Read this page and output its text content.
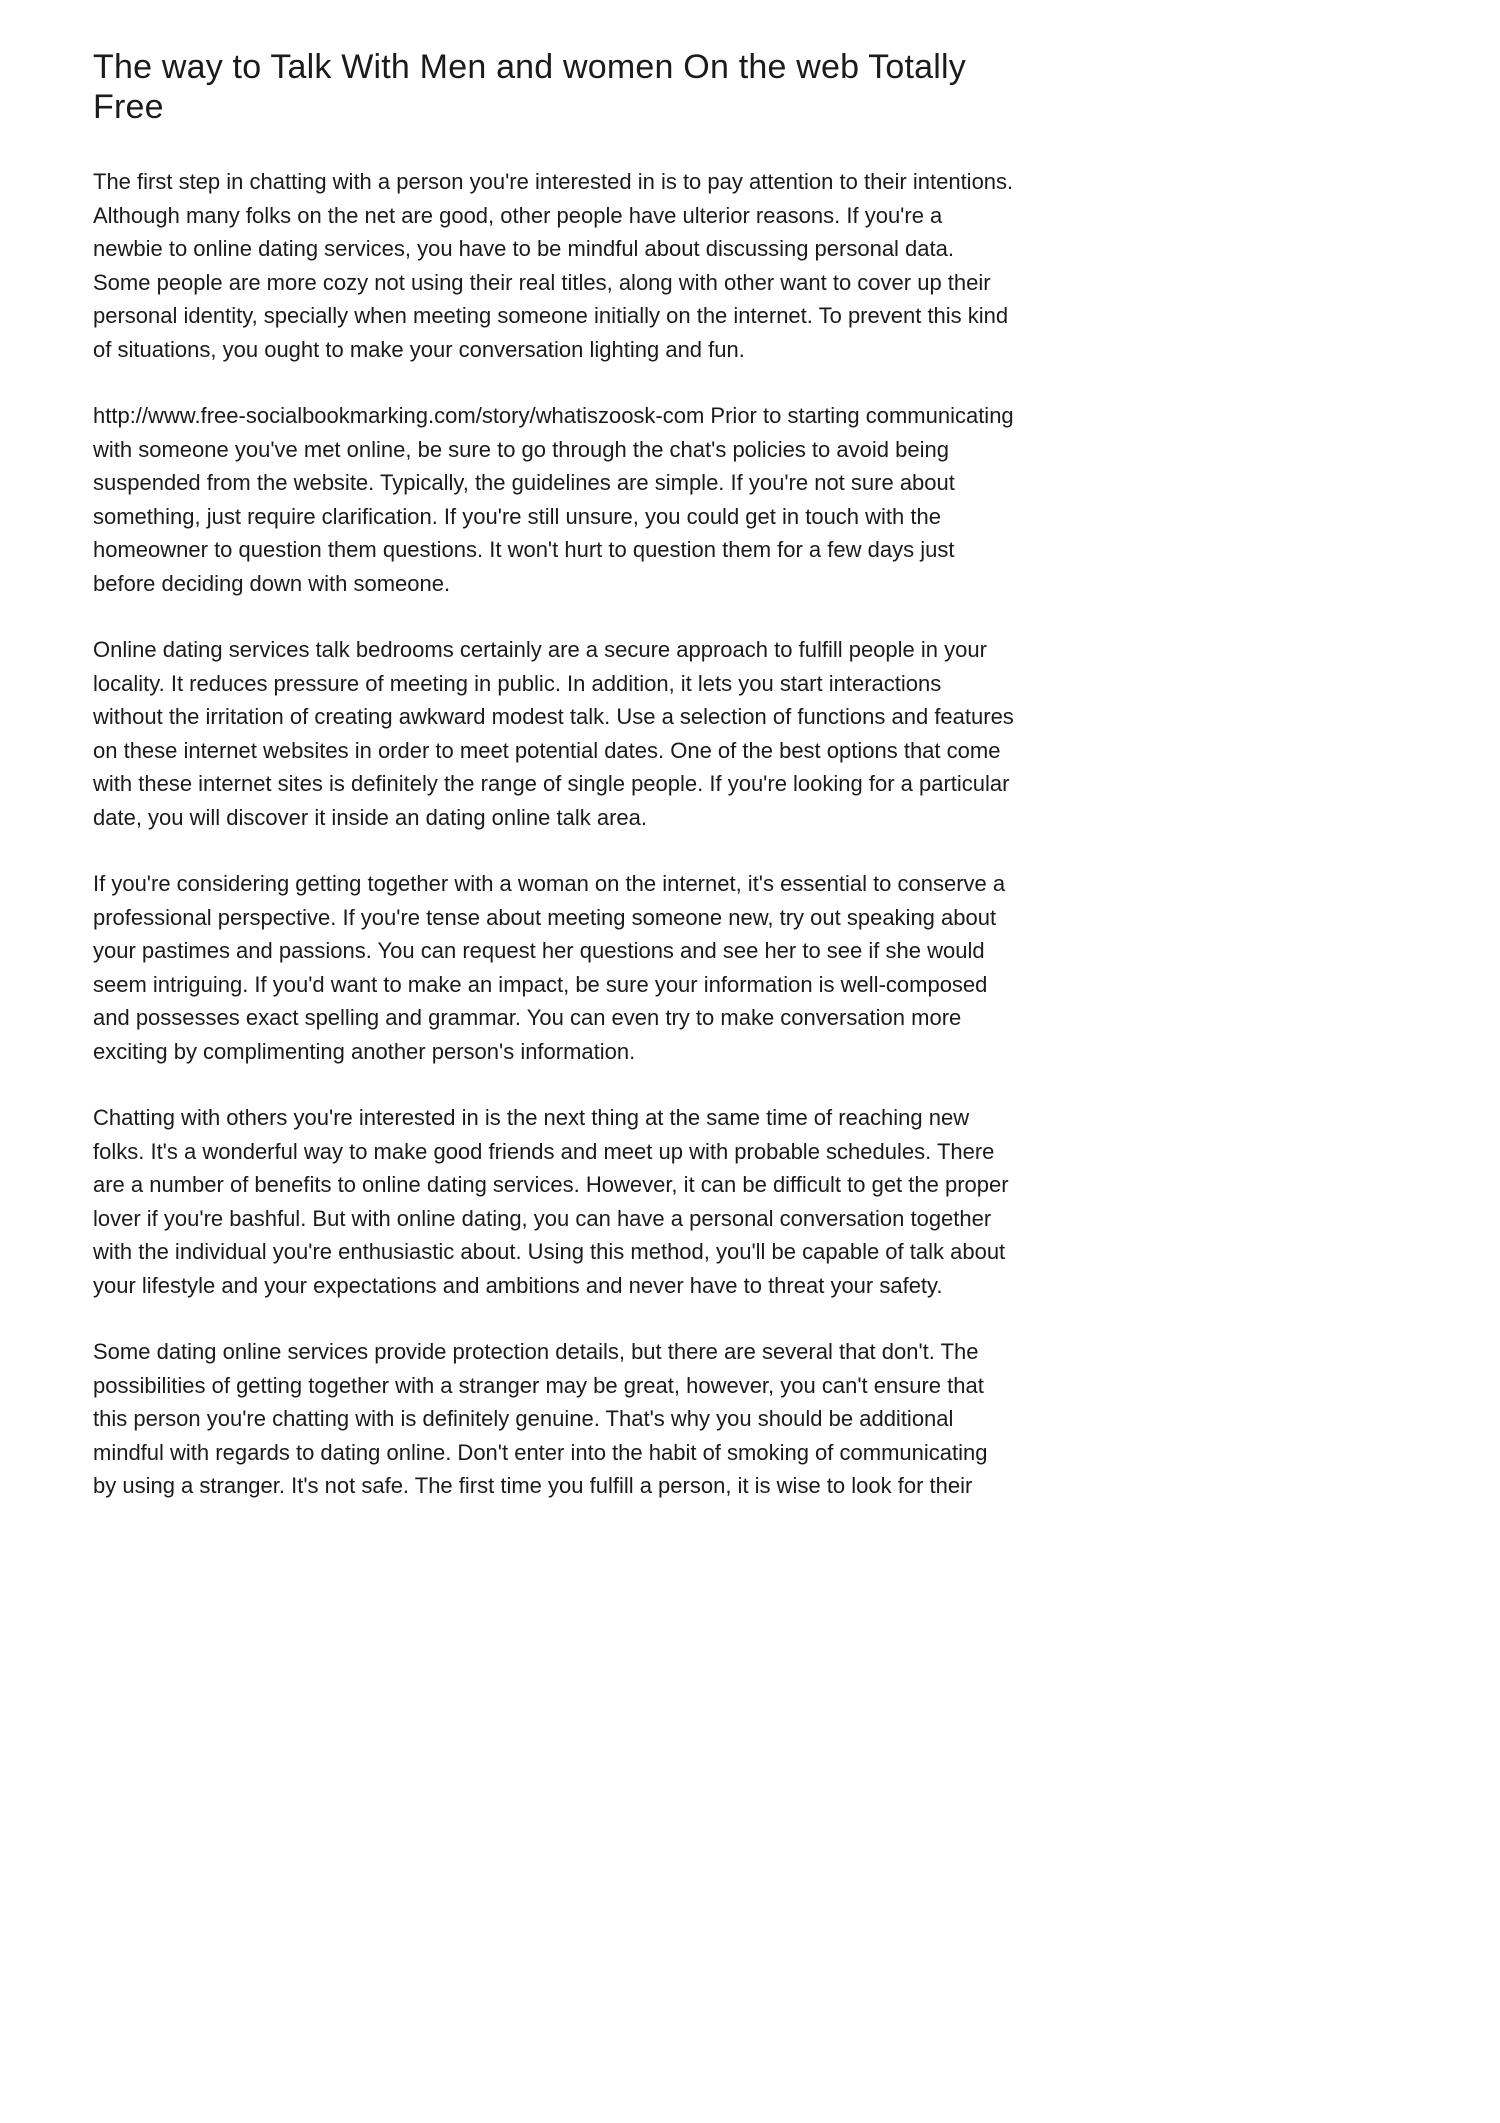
The way to Talk With Men and women On the web Totally Free

The first step in chatting with a person you're interested in is to pay attention to their intentions. Although many folks on the net are good, other people have ulterior reasons. If you're a newbie to online dating services, you have to be mindful about discussing personal data. Some people are more cozy not using their real titles, along with other want to cover up their personal identity, specially when meeting someone initially on the internet. To prevent this kind of situations, you ought to make your conversation lighting and fun.

http://www.free-socialbookmarking.com/story/whatiszoosk-com Prior to starting communicating with someone you've met online, be sure to go through the chat's policies to avoid being suspended from the website. Typically, the guidelines are simple. If you're not sure about something, just require clarification. If you're still unsure, you could get in touch with the homeowner to question them questions. It won't hurt to question them for a few days just before deciding down with someone.

Online dating services talk bedrooms certainly are a secure approach to fulfill people in your locality. It reduces pressure of meeting in public. In addition, it lets you start interactions without the irritation of creating awkward modest talk. Use a selection of functions and features on these internet websites in order to meet potential dates. One of the best options that come with these internet sites is definitely the range of single people. If you're looking for a particular date, you will discover it inside an dating online talk area.

If you're considering getting together with a woman on the internet, it's essential to conserve a professional perspective. If you're tense about meeting someone new, try out speaking about your pastimes and passions. You can request her questions and see her to see if she would seem intriguing. If you'd want to make an impact, be sure your information is well-composed and possesses exact spelling and grammar. You can even try to make conversation more exciting by complimenting another person's information.

Chatting with others you're interested in is the next thing at the same time of reaching new folks. It's a wonderful way to make good friends and meet up with probable schedules. There are a number of benefits to online dating services. However, it can be difficult to get the proper lover if you're bashful. But with online dating, you can have a personal conversation together with the individual you're enthusiastic about. Using this method, you'll be capable of talk about your lifestyle and your expectations and ambitions and never have to threat your safety.

Some dating online services provide protection details, but there are several that don't. The possibilities of getting together with a stranger may be great, however, you can't ensure that this person you're chatting with is definitely genuine. That's why you should be additional mindful with regards to dating online. Don't enter into the habit of smoking of communicating by using a stranger. It's not safe. The first time you fulfill a person, it is wise to look for their
